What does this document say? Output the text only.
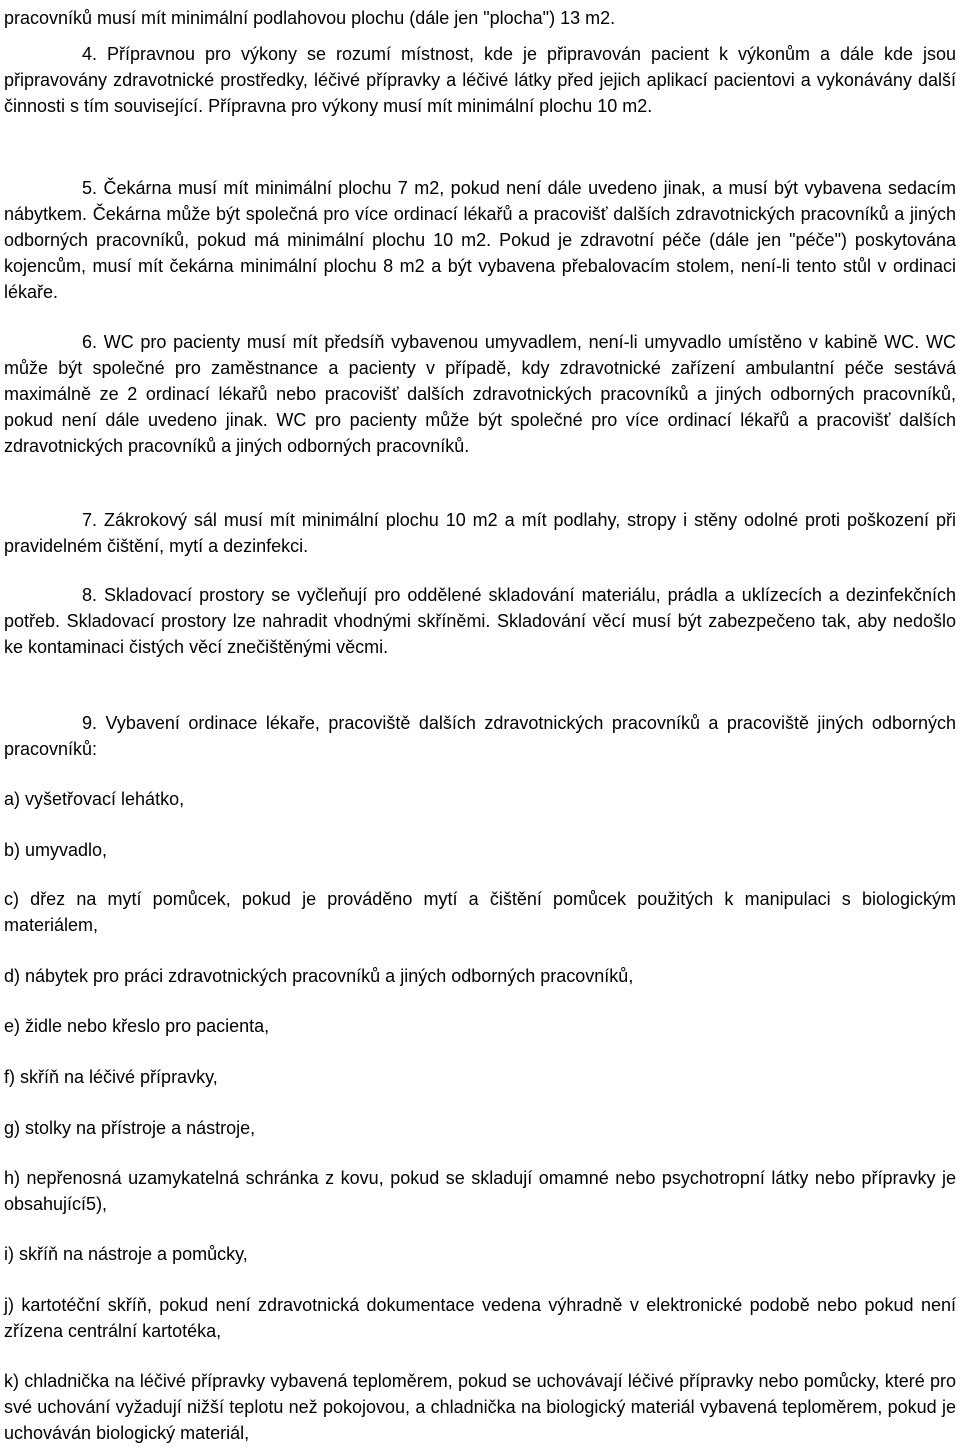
pracovníků musí mít minimální podlahovou plochu (dále jen "plocha") 13 m2.

4. Přípravnou pro výkony se rozumí místnost, kde je připravován pacient k výkonům a dále kde jsou připravovány zdravotnické prostředky, léčivé přípravky a léčivé látky před jejich aplikací pacientovi a vykonávány další činnosti s tím související. Přípravna pro výkony musí mít minimální plochu 10 m2.

5. Čekárna musí mít minimální plochu 7 m2, pokud není dále uvedeno jinak, a musí být vybavena sedacím nábytkem. Čekárna může být společná pro více ordinací lékařů a pracovišť dalších zdravotnických pracovníků a jiných odborných pracovníků, pokud má minimální plochu 10 m2. Pokud je zdravotní péče (dále jen "péče") poskytována kojencům, musí mít čekárna minimální plochu 8 m2 a být vybavena přebalovacím stolem, není-li tento stůl v ordinaci lékaře.

6. WC pro pacienty musí mít předsíň vybavenou umyvadlem, není-li umyvadlo umístěno v kabině WC. WC může být společné pro zaměstnance a pacienty v případě, kdy zdravotnické zařízení ambulantní péče sestává maximálně ze 2 ordinací lékařů nebo pracovišť dalších zdravotnických pracovníků a jiných odborných pracovníků, pokud není dále uvedeno jinak. WC pro pacienty může být společné pro více ordinací lékařů a pracovišť dalších zdravotnických pracovníků a jiných odborných pracovníků.

7. Zákrokový sál musí mít minimální plochu 10 m2 a mít podlahy, stropy i stěny odolné proti poškození při pravidelném čištění, mytí a dezinfekci.

8. Skladovací prostory se vyčleňují pro oddělené skladování materiálu, prádla a uklízecích a dezinfekčních potřeb. Skladovací prostory lze nahradit vhodnými skříněmi. Skladování věcí musí být zabezpečeno tak, aby nedošlo ke kontaminaci čistých věcí znečištěnými věcmi.

9. Vybavení ordinace lékaře, pracoviště dalších zdravotnických pracovníků a pracoviště jiných odborných pracovníků:

a) vyšetřovací lehátko,

b) umyvadlo,

c) dřez na mytí pomůcek, pokud je prováděno mytí a čištění pomůcek použitých k manipulaci s biologickým materiálem,

d) nábytek pro práci zdravotnických pracovníků a jiných odborných pracovníků,

e) židle nebo křeslo pro pacienta,

f) skříň na léčivé přípravky,

g) stolky na přístroje a nástroje,

h) nepřenosná uzamykatelná schránka z kovu, pokud se skladují omamné nebo psychotropní látky nebo přípravky je obsahující5),

i) skříň na nástroje a pomůcky,

j) kartotéční skříň, pokud není zdravotnická dokumentace vedena výhradně v elektronické podobě nebo pokud není zřízena centrální kartotéka,

k) chladnička na léčivé přípravky vybavená teploměrem, pokud se uchovávají léčivé přípravky nebo pomůcky, které pro své uchování vyžadují nižší teplotu než pokojovou, a chladnička na biologický materiál vybavená teploměrem, pokud je uchováván biologický materiál,
